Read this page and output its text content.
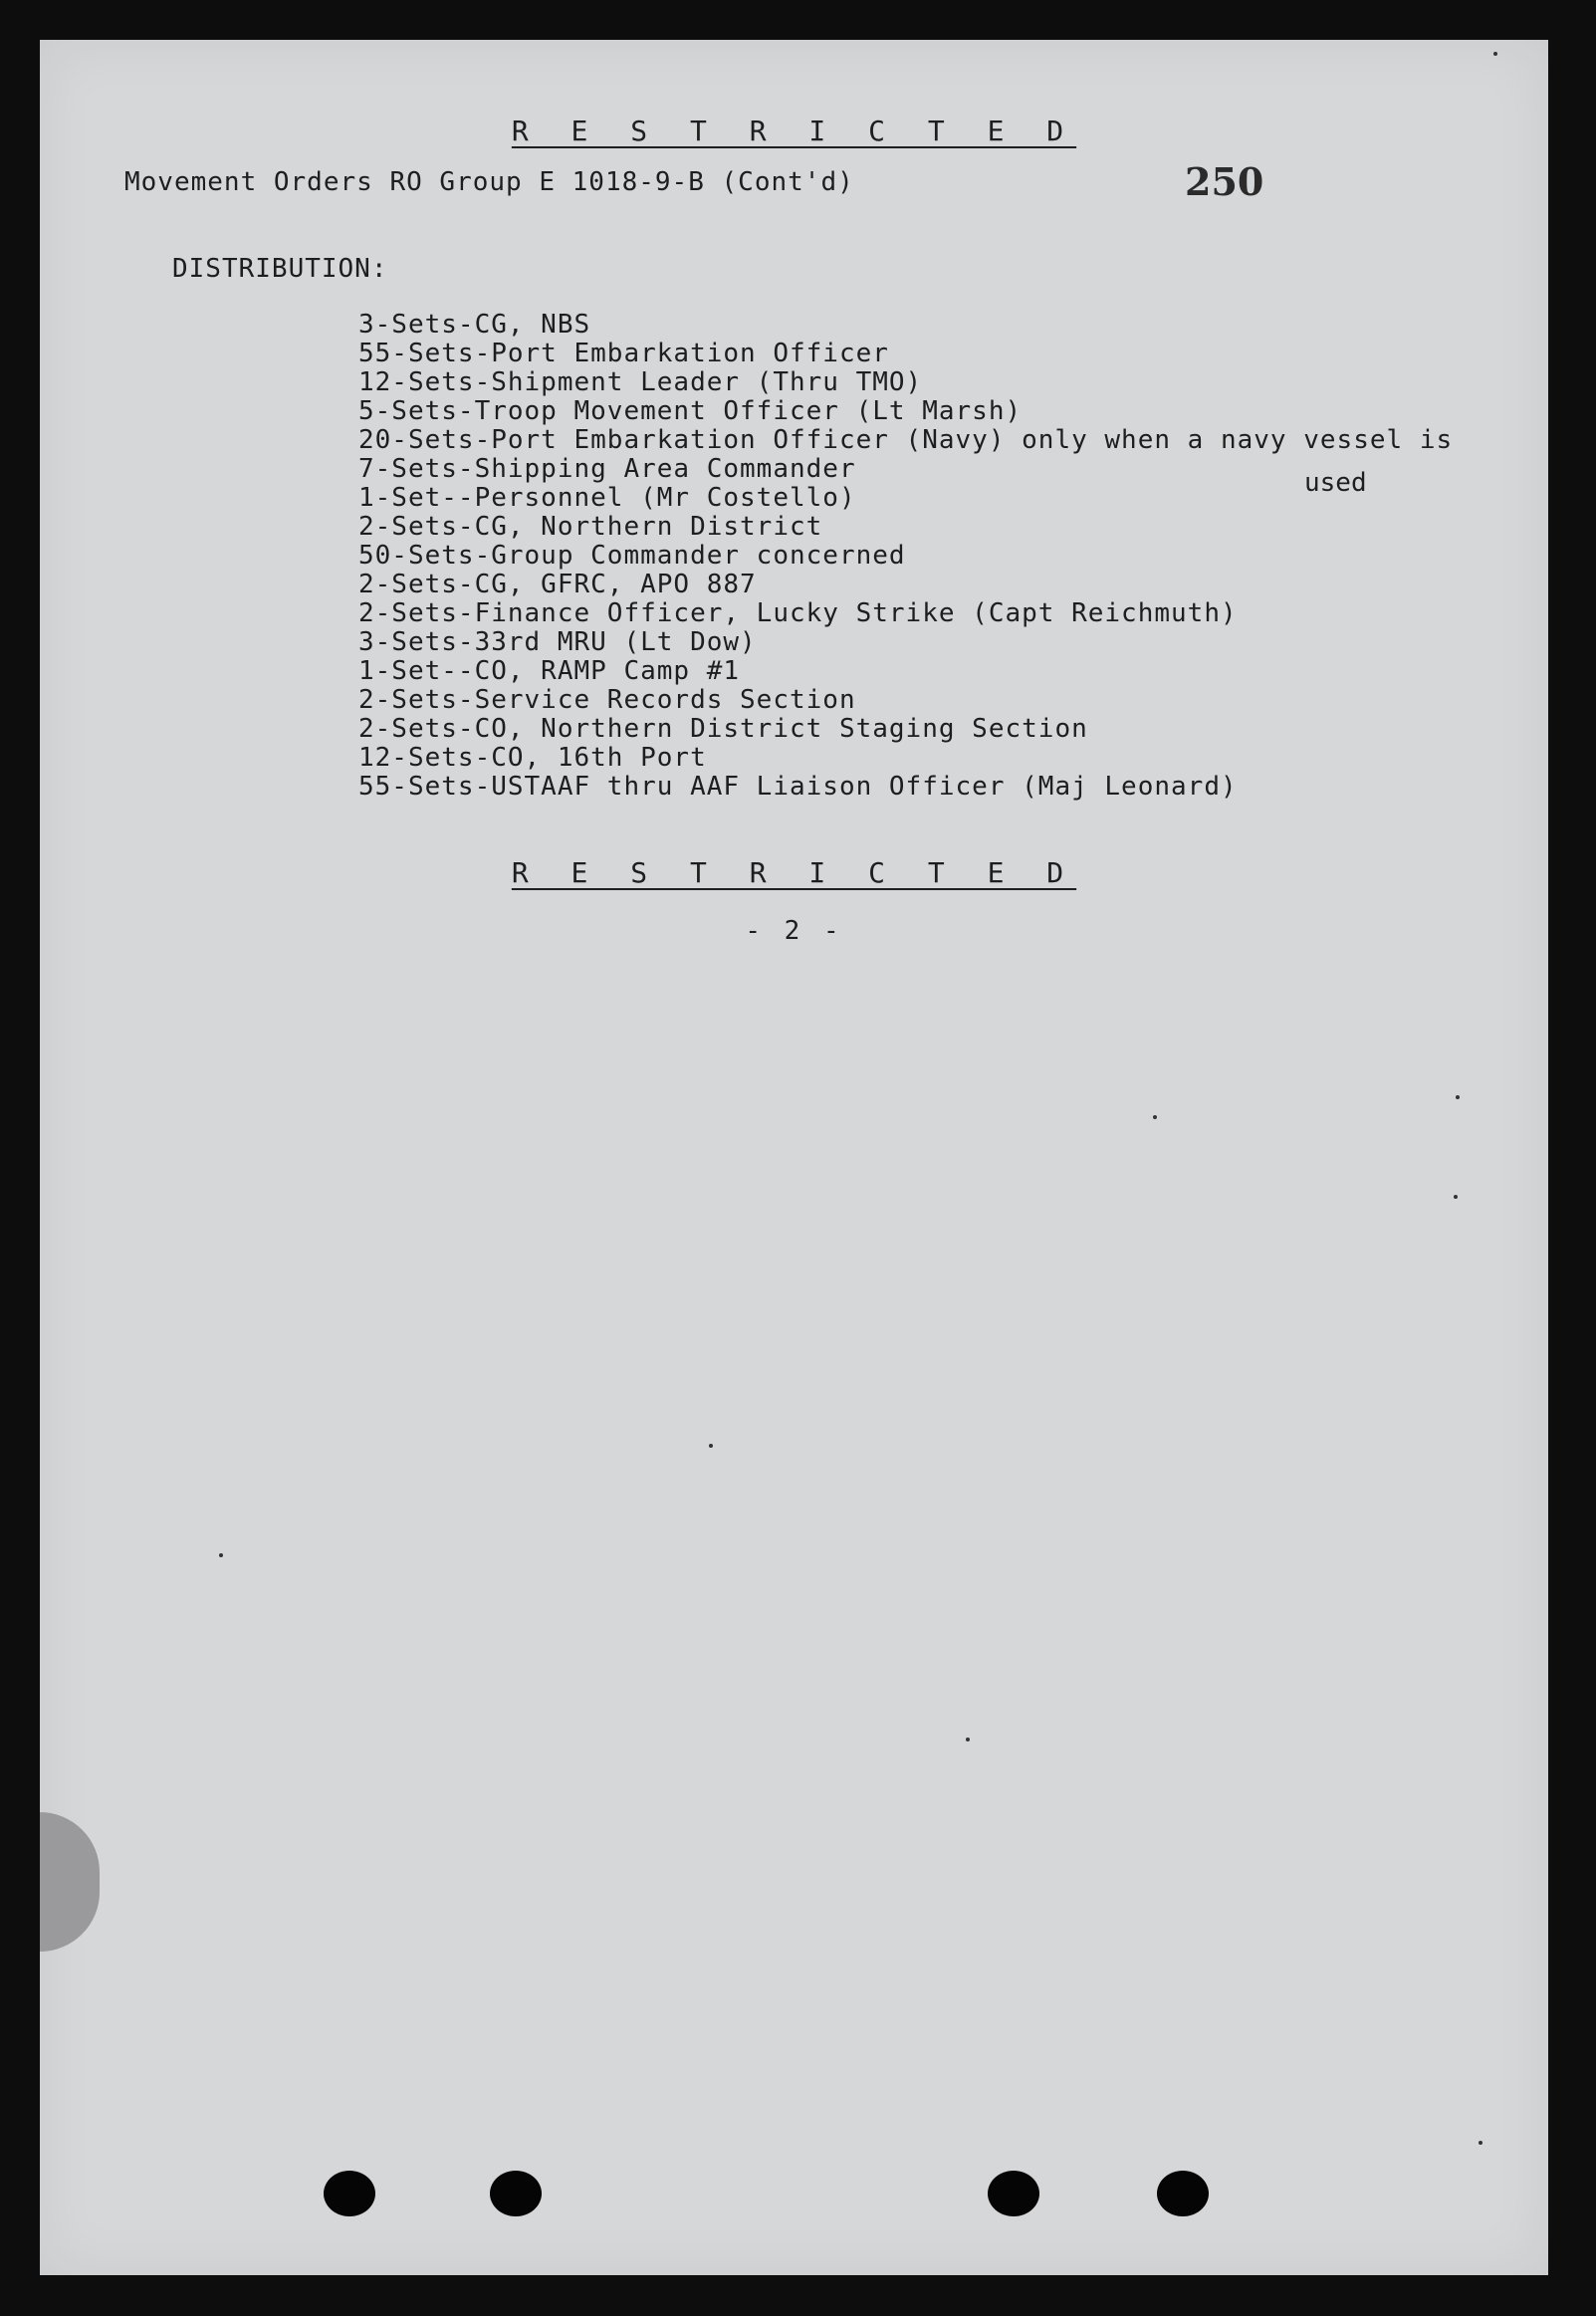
R E S T R I C T E D
Movement Orders RO Group E 1018-9-B (Cont'd)	250
DISTRIBUTION:
3-Sets-CG, NBS
55-Sets-Port Embarkation Officer
12-Sets-Shipment Leader (Thru TMO)
5-Sets-Troop Movement Officer (Lt Marsh)
20-Sets-Port Embarkation Officer (Navy) only when a navy vessel is
7-Sets-Shipping Area Commander
1-Set--Personnel (Mr Costello)
2-Sets-CG, Northern District
50-Sets-Group Commander concerned
2-Sets-CG, GFRC, APO 887
2-Sets-Finance Officer, Lucky Strike (Capt Reichmuth)
3-Sets-33rd MRU (Lt Dow)
1-Set--CO, RAMP Camp #1
2-Sets-Service Records Section
2-Sets-CO, Northern District Staging Section
12-Sets-CO, 16th Port
55-Sets-USTAAF thru AAF Liaison Officer (Maj Leonard)
used
R E S T R I C T E D
- 2 -
